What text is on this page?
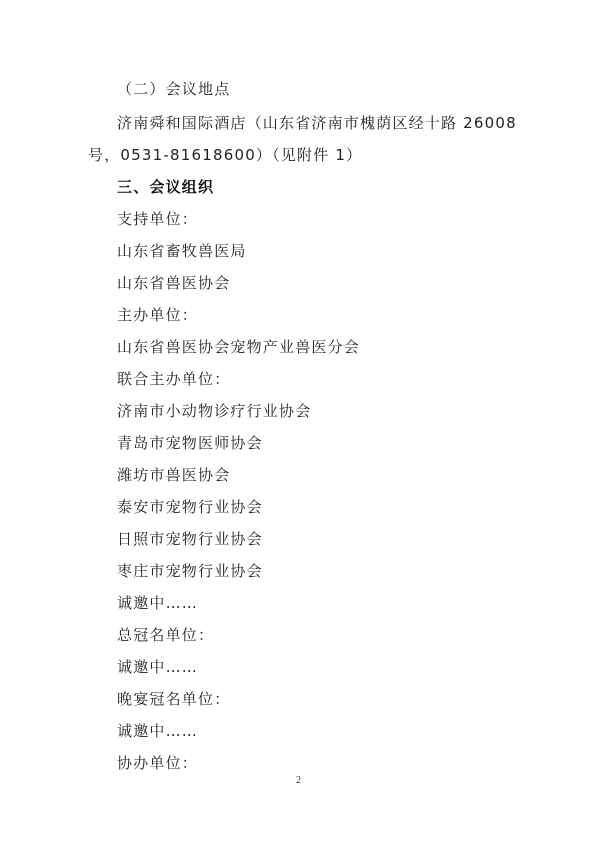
（二）会议地点
济南舜和国际酒店（山东省济南市槐荫区经十路 26008
号，0531-81618600）（见附件 1）
三、会议组织
支持单位：
山东省畜牧兽医局
山东省兽医协会
主办单位：
山东省兽医协会宠物产业兽医分会
联合主办单位：
济南市小动物诊疗行业协会
青岛市宠物医师协会
潍坊市兽医协会
泰安市宠物行业协会
日照市宠物行业协会
枣庄市宠物行业协会
诚邀中……
总冠名单位：
诚邀中……
晚宴冠名单位：
诚邀中……
协办单位：
2
